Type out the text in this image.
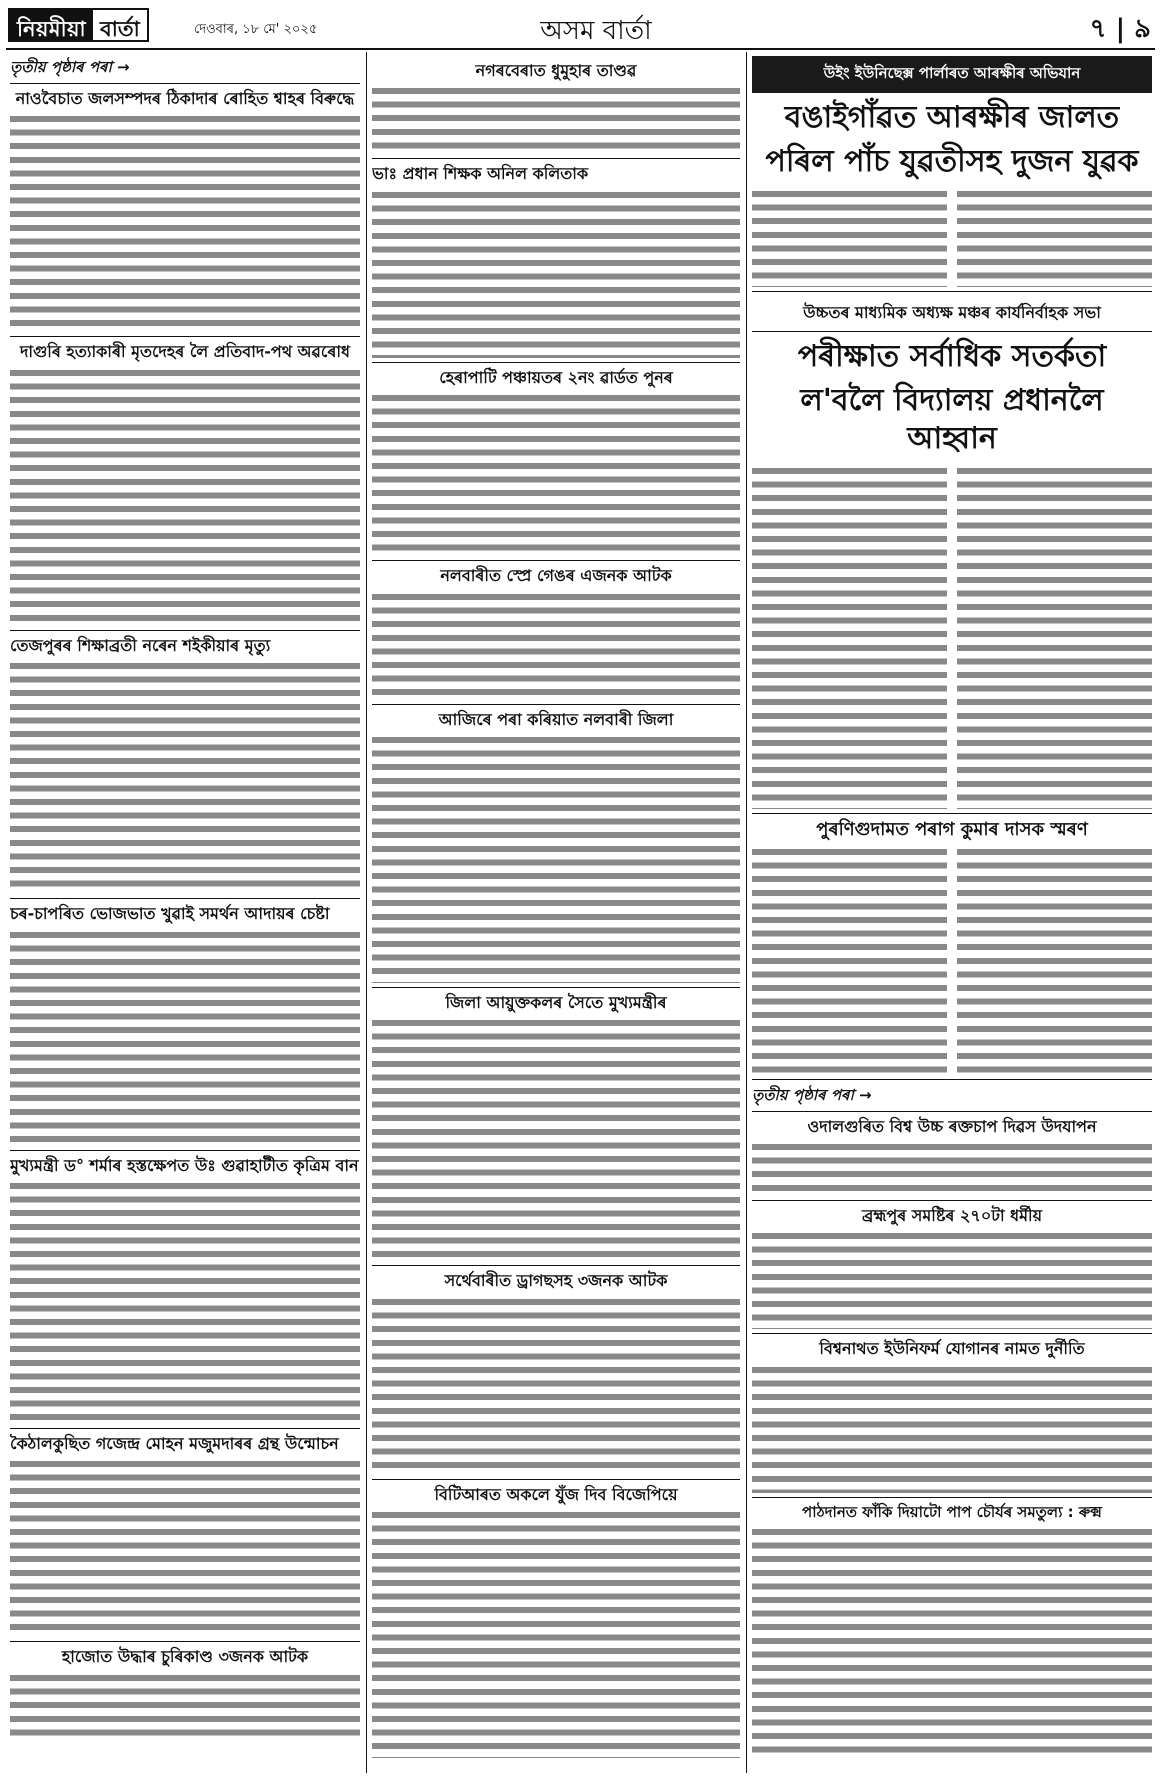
নিয়মীয়া বাৰ্তা	দেওবাৰ, ১৮ মে' ২০২৫	অসম বাৰ্তা	৭ | ৯
তৃতীয় পৃষ্ঠাৰ পৰা →
নাওবৈচাত জলসম্পদৰ ঠিকাদাৰ ৰোহিত শ্বাহৰ বিৰুদ্ধে
দাগুৰি হত্যাকাৰী মৃতদেহৰ লৈ প্ৰতিবাদ-পথ অৱৰোধ
তেজপুৰৰ শিক্ষাব্ৰতী নৰেন শইকীয়াৰ মৃত্যু
চৰ-চাপৰিত ভোজভাত খুৱাই সমৰ্থন আদায়ৰ চেষ্টা
মুখ্যমন্ত্ৰী ড° শৰ্মাৰ হস্তক্ষেপত উঃ গুৱাহাটীত কৃত্ৰিম বান
কৈঠালকুছিত গজেন্দ্ৰ মোহন মজুমদাৰৰ গ্ৰন্থ উন্মোচন
হাজোত উদ্ধাৰ চুৰিকাণ্ড ৩জনক আটক
নগৰবেৰাত ধুমুহাৰ তাণ্ডৱ
ভাঃ প্ৰধান শিক্ষক অনিল কলিতাক
হেৰাপাটি পঞ্চায়তৰ ২নং ৱাৰ্ডত পুনৰ
নলবাৰীত স্প্ৰে গেঙৰ এজনক আটক
আজিৰে পৰা কৰিয়াত নলবাৰী জিলা
জিলা আয়ুক্তকলৰ সৈতে মুখ্যমন্ত্ৰীৰ
সৰ্থেবাৰীত ড্ৰাগছসহ ৩জনক আটক
বিটিআৰত অকলে যুঁজ দিব বিজেপিয়ে
উইং ইউনিছেক্স পাৰ্লাৰত আৰক্ষীৰ অভিযান
বঙাইগাঁৱত আৰক্ষীৰ জালত
পৰিল পাঁচ যুৱতীসহ দুজন যুৱক
উচ্চতৰ মাধ্যমিক অধ্যক্ষ মঞ্চৰ কাৰ্যনিৰ্বাহক সভা
পৰীক্ষাত সৰ্বাধিক সতৰ্কতা
ল'বলৈ বিদ্যালয় প্ৰধানলৈ আহ্বান
পুৰণিগুদামত পৰাগ কুমাৰ দাসক স্মৰণ
তৃতীয় পৃষ্ঠাৰ পৰা →
ওদালগুৰিত বিশ্ব উচ্চ ৰক্তচাপ দিৱস উদযাপন
ব্ৰহ্মপুৰ সমষ্টিৰ ২৭০টা ধৰ্মীয়
বিশ্বনাথত ইউনিফৰ্ম যোগানৰ নামত দুৰ্নীতি
পাঠদানত ফাঁকি দিয়াটো পাপ চৌৰ্যৰ সমতুল্য : ৰুক্ম
